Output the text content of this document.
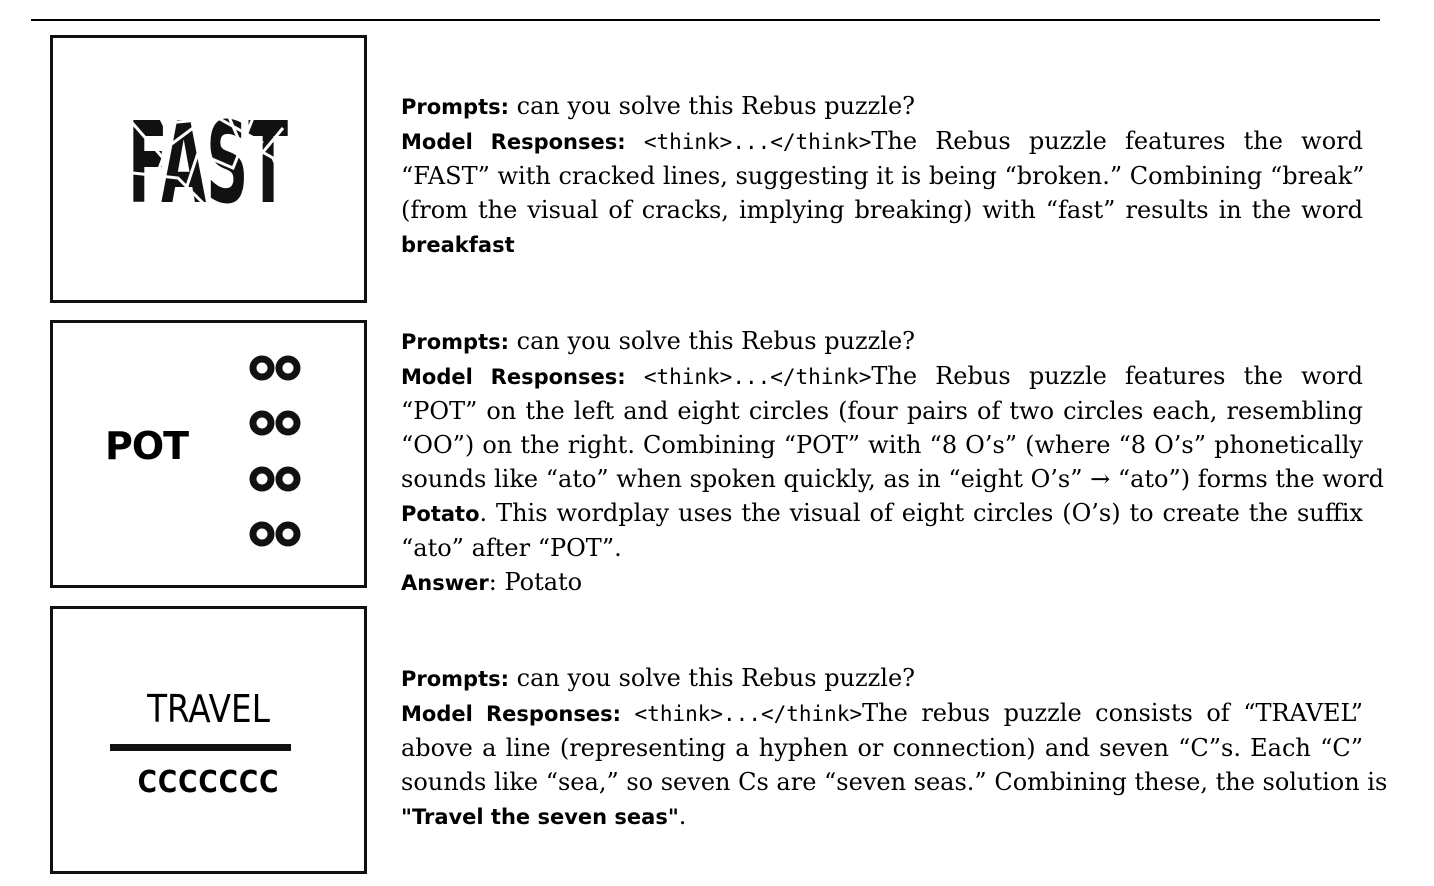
FAST
POT
TRAVEL
CCCCCCC
Prompts: can you solve this Rebus puzzle?
Model Responses: <think>...</think>The Rebus puzzle features the word
“FAST” with cracked lines, suggesting it is being “broken.” Combining “break”
(from the visual of cracks, implying breaking) with “fast” results in the word
breakfast
Prompts: can you solve this Rebus puzzle?
Model Responses: <think>...</think>The Rebus puzzle features the word
“POT” on the left and eight circles (four pairs of two circles each, resembling
“OO”) on the right. Combining “POT” with “8 O’s” (where “8 O’s” phonetically
sounds like “ato” when spoken quickly, as in “eight O’s” → “ato”) forms the word
Potato. This wordplay uses the visual of eight circles (O’s) to create the suffix
“ato” after “POT”.
Answer: Potato
Prompts: can you solve this Rebus puzzle?
Model Responses: <think>...</think>The rebus puzzle consists of “TRAVEL”
above a line (representing a hyphen or connection) and seven “C”s. Each “C”
sounds like “sea,” so seven Cs are “seven seas.” Combining these, the solution is
"Travel the seven seas".
